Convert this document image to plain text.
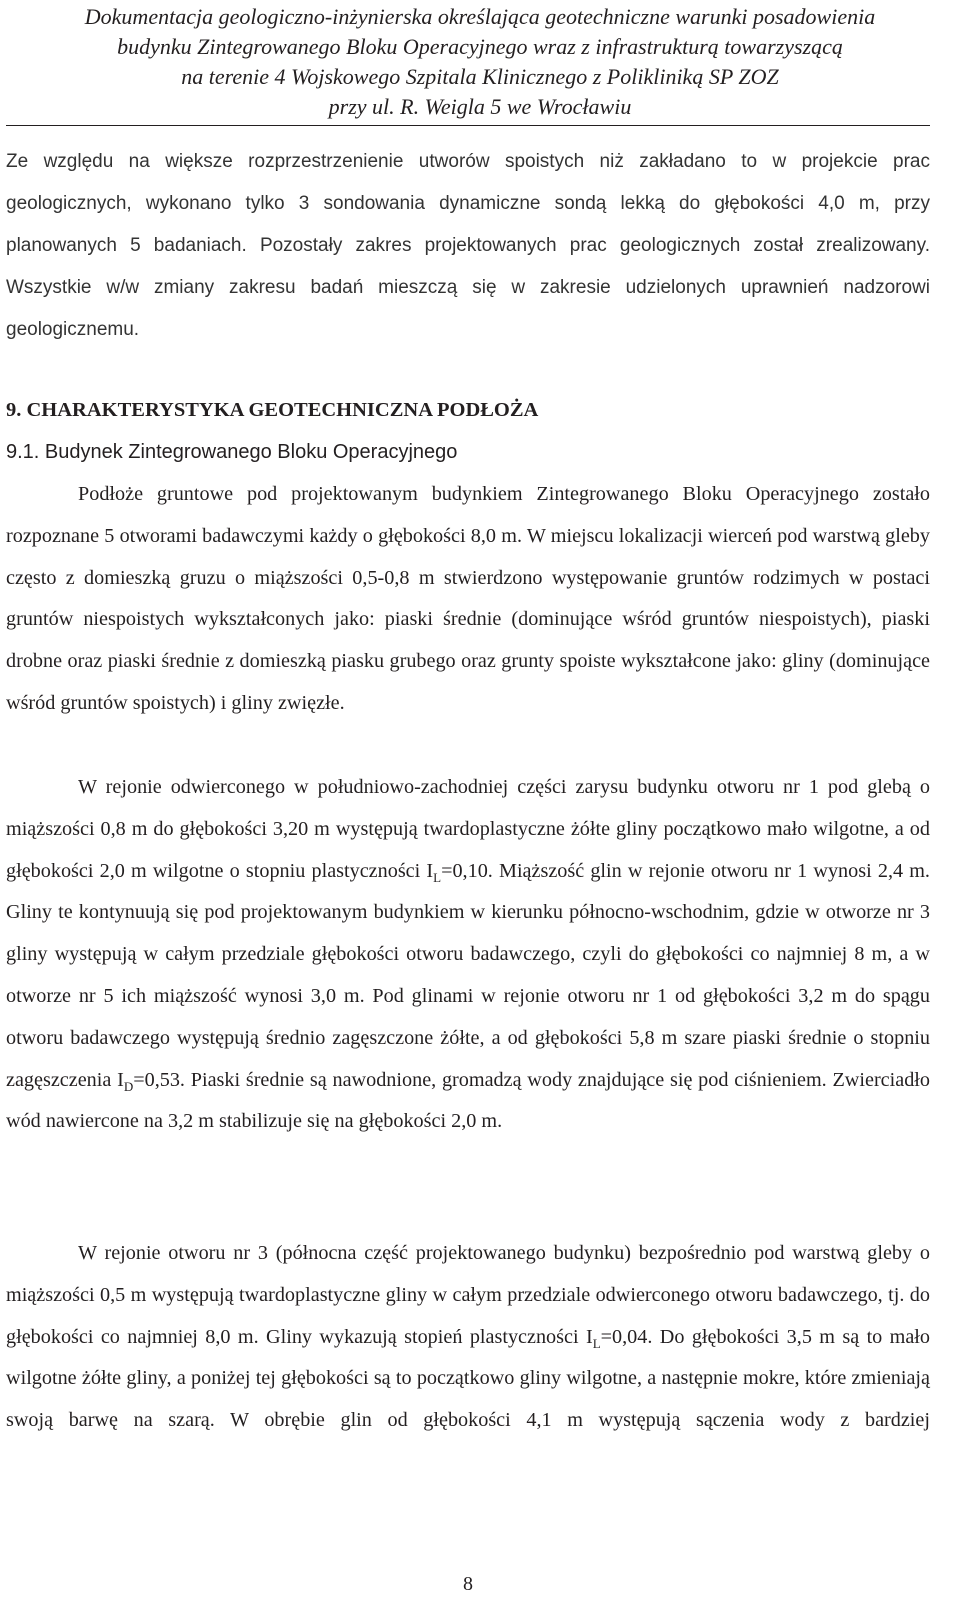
Dokumentacja geologiczno-inżynierska określająca geotechniczne warunki posadowienia
budynku Zintegrowanego Bloku Operacyjnego wraz z infrastrukturą towarzyszącą
na terenie 4 Wojskowego Szpitala Klinicznego z Polikliniką SP ZOZ
przy ul. R. Weigla 5 we Wrocławiu

Ze względu na większe rozprzestrzenienie utworów spoistych niż zakładano to w projekcie prac geologicznych, wykonano tylko 3 sondowania dynamiczne sondą lekką do głębokości 4,0 m, przy planowanych 5 badaniach. Pozostały zakres projektowanych prac geologicznych został zrealizowany. Wszystkie w/w zmiany zakresu badań mieszczą się w zakresie udzielonych uprawnień nadzorowi geologicznemu.

9. CHARAKTERYSTYKA GEOTECHNICZNA PODŁOŻA
9.1. Budynek Zintegrowanego Bloku Operacyjnego

Podłoże gruntowe pod projektowanym budynkiem Zintegrowanego Bloku Operacyjnego zostało rozpoznane 5 otworami badawczymi każdy o głębokości 8,0 m. W miejscu lokalizacji wierceń pod warstwą gleby często z domieszką gruzu o miąższości 0,5-0,8 m stwierdzono występowanie gruntów rodzimych w postaci gruntów niespoistych wykształconych jako: piaski średnie (dominujące wśród gruntów niespoistych), piaski drobne oraz piaski średnie z domieszką piasku grubego oraz grunty spoiste wykształcone jako: gliny (dominujące wśród gruntów spoistych) i gliny zwięzłe.

W rejonie odwierconego w południowo-zachodniej części zarysu budynku otworu nr 1 pod glebą o miąższości 0,8 m do głębokości 3,20 m występują twardoplastyczne żółte gliny początkowo mało wilgotne, a od głębokości 2,0 m wilgotne o stopniu plastyczności $I_L=0,10$. Miąższość glin w rejonie otworu nr 1 wynosi 2,4 m. Gliny te kontynuują się pod projektowanym budynkiem w kierunku północno-wschodnim, gdzie w otworze nr 3 gliny występują w całym przedziale głębokości otworu badawczego, czyli do głębokości co najmniej 8 m, a w otworze nr 5 ich miąższość wynosi 3,0 m. Pod glinami w rejonie otworu nr 1 od głębokości 3,2 m do spągu otworu badawczego występują średnio zagęszczone żółte, a od głębokości 5,8 m szare piaski średnie o stopniu zagęszczenia $I_D=0,53$. Piaski średnie są nawodnione, gromadzą wody znajdujące się pod ciśnieniem. Zwierciadło wód nawiercone na 3,2 m stabilizuje się na głębokości 2,0 m.

W rejonie otworu nr 3 (północna część projektowanego budynku) bezpośrednio pod warstwą gleby o miąższości 0,5 m występują twardoplastyczne gliny w całym przedziale odwierconego otworu badawczego, tj. do głębokości co najmniej 8,0 m. Gliny wykazują stopień plastyczności $I_L=0,04$. Do głębokości 3,5 m są to mało wilgotne żółte gliny, a poniżej tej głębokości są to początkowo gliny wilgotne, a następnie mokre, które zmieniają swoją barwę na szarą. W obrębie glin od głębokości 4,1 m występują sączenia wody z bardziej

8
